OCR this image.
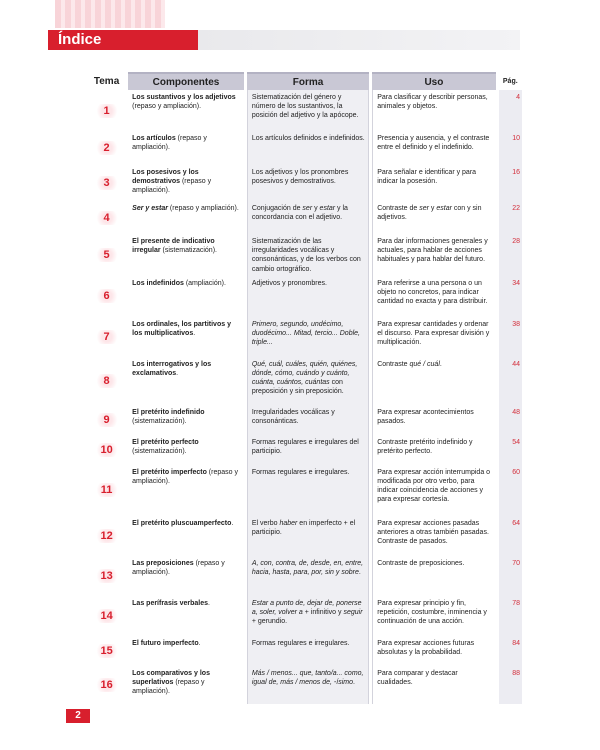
Índice
Tema	Componentes	Forma	Uso	Pág.
1	Los sustantivos y los adjetivos (repaso y ampliación).	Sistematización del género y número de los sustantivos, la posición del adjetivo y la apócope.	Para clasificar y describir personas, animales y objetos.	4
2	Los artículos (repaso y ampliación).	Los artículos definidos e indefinidos.	Presencia y ausencia, y el contraste entre el definido y el indefinido.	10
3	Los posesivos y los demostrativos (repaso y ampliación).	Los adjetivos y los pronombres posesivos y demostrativos.	Para señalar e identificar y para indicar la posesión.	16
4	Ser y estar (repaso y ampliación).	Conjugación de ser y estar y la concordancia con el adjetivo.	Contraste de ser y estar con y sin adjetivos.	22
5	El presente de indicativo irregular (sistematización).	Sistematización de las irregularidades vocálicas y consonánticas, y de los verbos con cambio ortográfico.	Para dar informaciones generales y actuales, para hablar de acciones habituales y para hablar del futuro.	28
6	Los indefinidos (ampliación).	Adjetivos y pronombres.	Para referirse a una persona o un objeto no concretos, para indicar cantidad no exacta y para distribuir.	34
7	Los ordinales, los partitivos y los multiplicativos.	Primero, segundo, undécimo, duodécimo... Mitad, tercio... Doble, triple...	Para expresar cantidades y ordenar el discurso. Para expresar división y multiplicación.	38
8	Los interrogativos y los exclamativos.	Qué, cuál, cuáles, quién, quiénes, dónde, cómo, cuándo y cuánto, cuánta, cuántos, cuántas con preposición y sin preposición.	Contraste qué / cuál.	44
9	El pretérito indefinido (sistematización).	Irregularidades vocálicas y consonánticas.	Para expresar acontecimientos pasados.	48
10	El pretérito perfecto (sistematización).	Formas regulares e irregulares del participio.	Contraste pretérito indefinido y pretérito perfecto.	54
11	El pretérito imperfecto (repaso y ampliación).	Formas regulares e irregulares.	Para expresar acción interrumpida o modificada por otro verbo, para indicar coincidencia de acciones y para expresar cortesía.	60
12	El pretérito pluscuamperfecto.	El verbo haber en imperfecto + el participio.	Para expresar acciones pasadas anteriores a otras también pasadas. Contraste de pasados.	64
13	Las preposiciones (repaso y ampliación).	A, con, contra, de, desde, en, entre, hacia, hasta, para, por, sin y sobre.	Contraste de preposiciones.	70
14	Las perífrasis verbales.	Estar a punto de, dejar de, ponerse a, soler, volver a + infinitivo y seguir + gerundio.	Para expresar principio y fin, repetición, costumbre, inminencia y continuación de una acción.	78
15	El futuro imperfecto.	Formas regulares e irregulares.	Para expresar acciones futuras absolutas y la probabilidad.	84
16	Los comparativos y los superlativos (repaso y ampliación).	Más / menos... que, tanto/a... como, igual de, más / menos de, -ísimo.	Para comparar y destacar cualidades.	88
2
